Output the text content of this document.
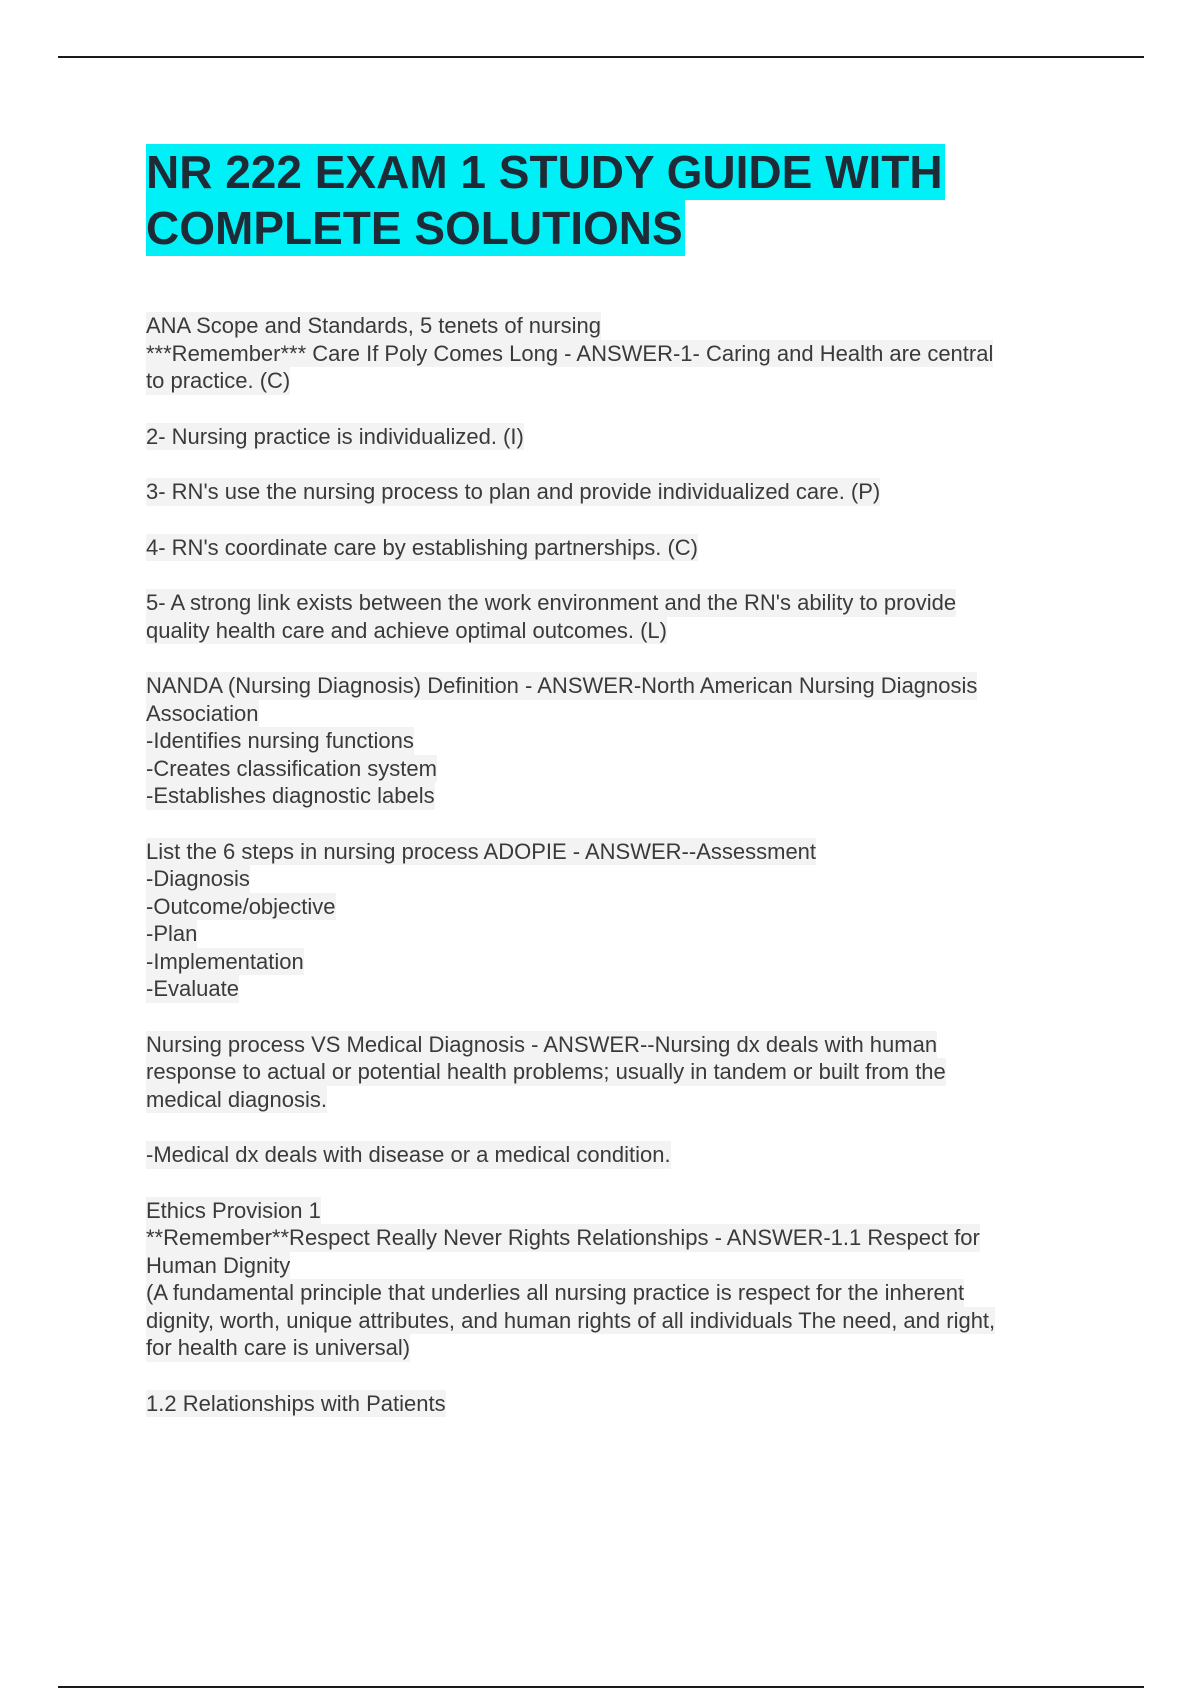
NR 222 EXAM 1 STUDY GUIDE WITH
COMPLETE SOLUTIONS
ANA Scope and Standards, 5 tenets of nursing
***Remember*** Care If Poly Comes Long - ANSWER-1- Caring and Health are central
to practice. (C)
2- Nursing practice is individualized. (I)
3- RN's use the nursing process to plan and provide individualized care. (P)
4- RN's coordinate care by establishing partnerships. (C)
5- A strong link exists between the work environment and the RN's ability to provide
quality health care and achieve optimal outcomes. (L)
NANDA (Nursing Diagnosis) Definition - ANSWER-North American Nursing Diagnosis
Association
-Identifies nursing functions
-Creates classification system
-Establishes diagnostic labels
List the 6 steps in nursing process ADOPIE - ANSWER--Assessment
-Diagnosis
-Outcome/objective
-Plan
-Implementation
-Evaluate
Nursing process VS Medical Diagnosis - ANSWER--Nursing dx deals with human
response to actual or potential health problems; usually in tandem or built from the
medical diagnosis.
-Medical dx deals with disease or a medical condition.
Ethics Provision 1
**Remember**Respect Really Never Rights Relationships - ANSWER-1.1 Respect for
Human Dignity
(A fundamental principle that underlies all nursing practice is respect for the inherent
dignity, worth, unique attributes, and human rights of all individuals The need, and right,
for health care is universal)
1.2 Relationships with Patients
